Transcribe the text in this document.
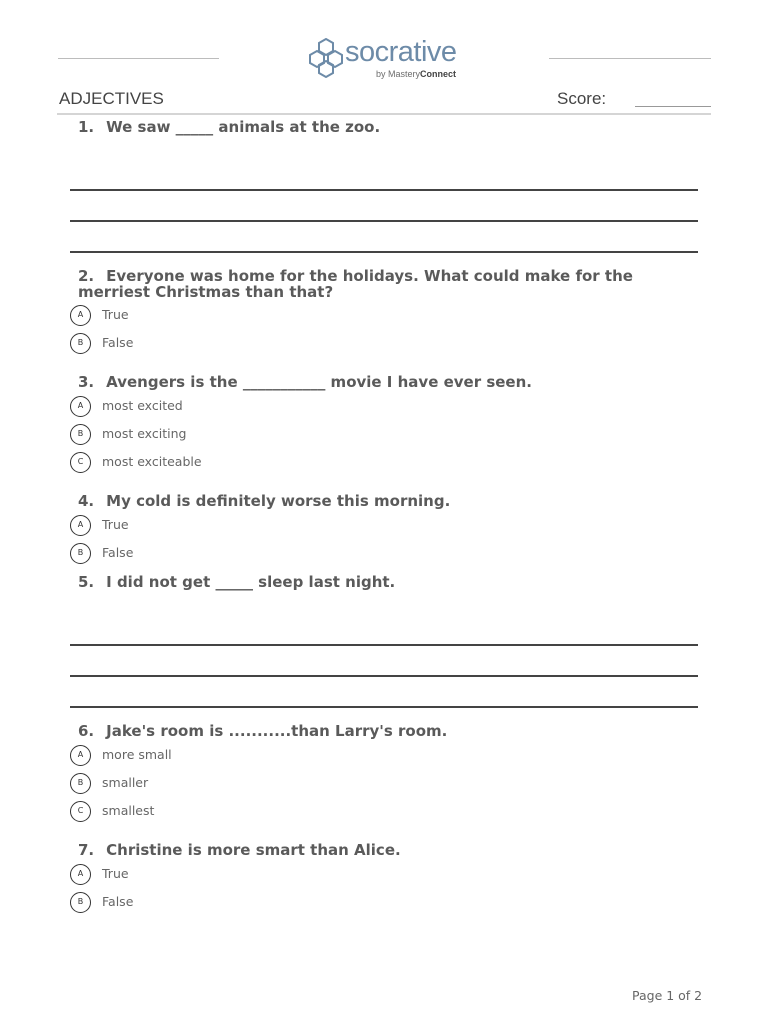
socrative
by MasteryConnect
ADJECTIVES	Score:
1. We saw _____ animals at the zoo.
2. Everyone was home for the holidays. What could make for the merriest Christmas than that?
A	True
B	False
3. Avengers is the ___________ movie I have ever seen.
A	most excited
B	most exciting
C	most exciteable
4. My cold is definitely worse this morning.
A	True
B	False
5. I did not get _____ sleep last night.
6. Jake's room is ...........than Larry's room.
A	more small
B	smaller
C	smallest
7. Christine is more smart than Alice.
A	True
B	False
Page 1 of 2
